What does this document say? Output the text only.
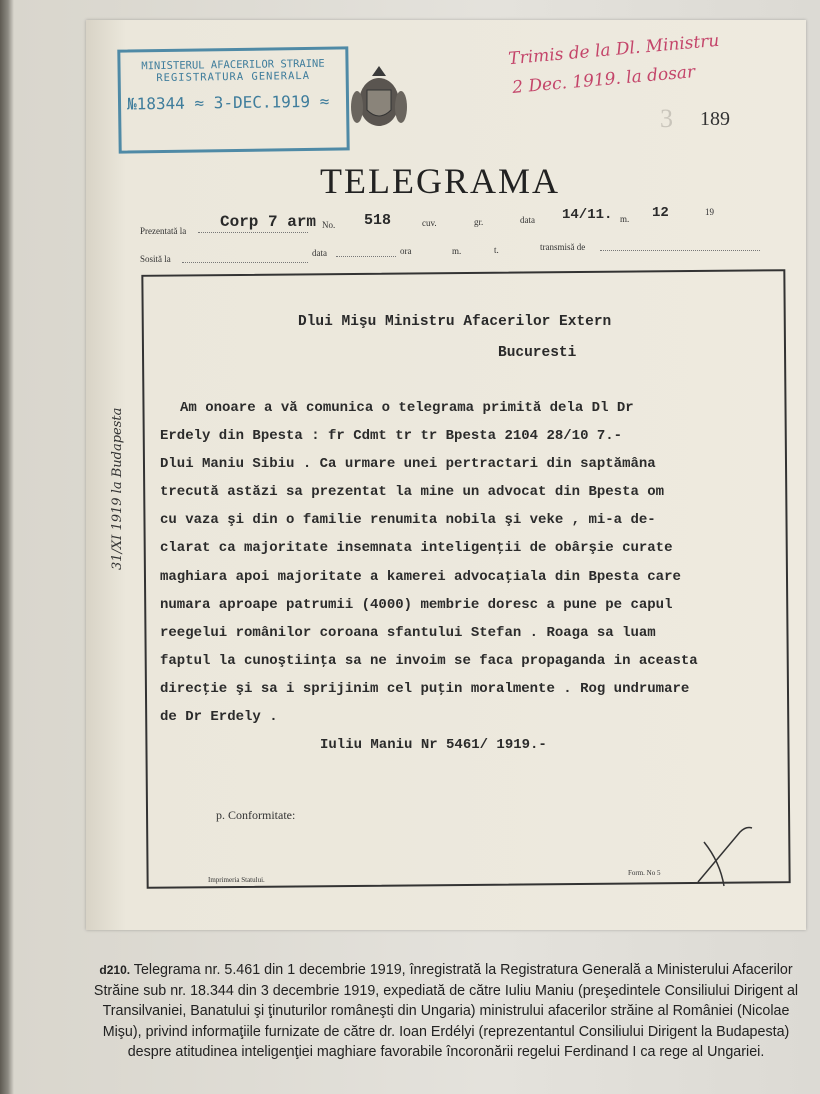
MINISTERUL AFACERILOR STRAINE
REGISTRATURA GENERALA
№18344 ≈ 3-DEC.1919 ≈
Trimis de la Dl. Ministru
2 Dec. 1919. la dosar
3 189
TELEGRAMA
Prezentată la Corp 7 arm No. 518	cuv.	gr.	data 14/11. m. 12	19
Sosită la
data	ora	m.	t.	transmisă de
Dlui Mişu Ministru Afacerilor Extern
Bucuresti
Am onoare a vă comunica o telegrama primită dela Dl Dr
Erdely din Bpesta : fr Cdmt tr tr Bpesta 2104 28/10 7.-
Dlui Maniu Sibiu . Ca urmare unei pertractari din saptămâna
trecută astăzi sa prezentat la mine un advocat din Bpesta om
cu vaza şi din o familie renumita nobila şi veke , mi-a de-
clarat ca majoritate insemnata inteligenţii de obârşie curate
maghiara apoi majoritate a kamerei advocaţiala din Bpesta care
numara aproape patrumii (4000) membrie doresc a pune pe capul
reegelui românilor coroana sfantului Stefan . Roaga sa luam
faptul la cunoştiinţa sa ne invoim se faca propaganda in aceasta
direcţie şi sa i sprijinim cel puţin moralmente . Rog undrumare
de Dr Erdely .
Iuliu Maniu Nr 5461/ 1919.-
31/XI 1919 la Budapesta
p. Conformitate:
Imprimeria Statului.
Form. No 5
d210. Telegrama nr. 5.461 din 1 decembrie 1919, înregistrată la Registratura Generală a Ministerului Afacerilor Străine sub nr. 18.344 din 3 decembrie 1919, expediată de către Iuliu Maniu (preşedintele Consiliului Dirigent al Transilvaniei, Banatului şi ţinuturilor româneşti din Ungaria) ministrului afacerilor străine al României (Nicolae Mişu), privind informaţiile furnizate de către dr. Ioan Erdélyi (reprezentantul Consiliului Dirigent la Budapesta) despre atitudinea inteligenţiei maghiare favorabile încoronării regelui Ferdinand I ca rege al Ungariei.
